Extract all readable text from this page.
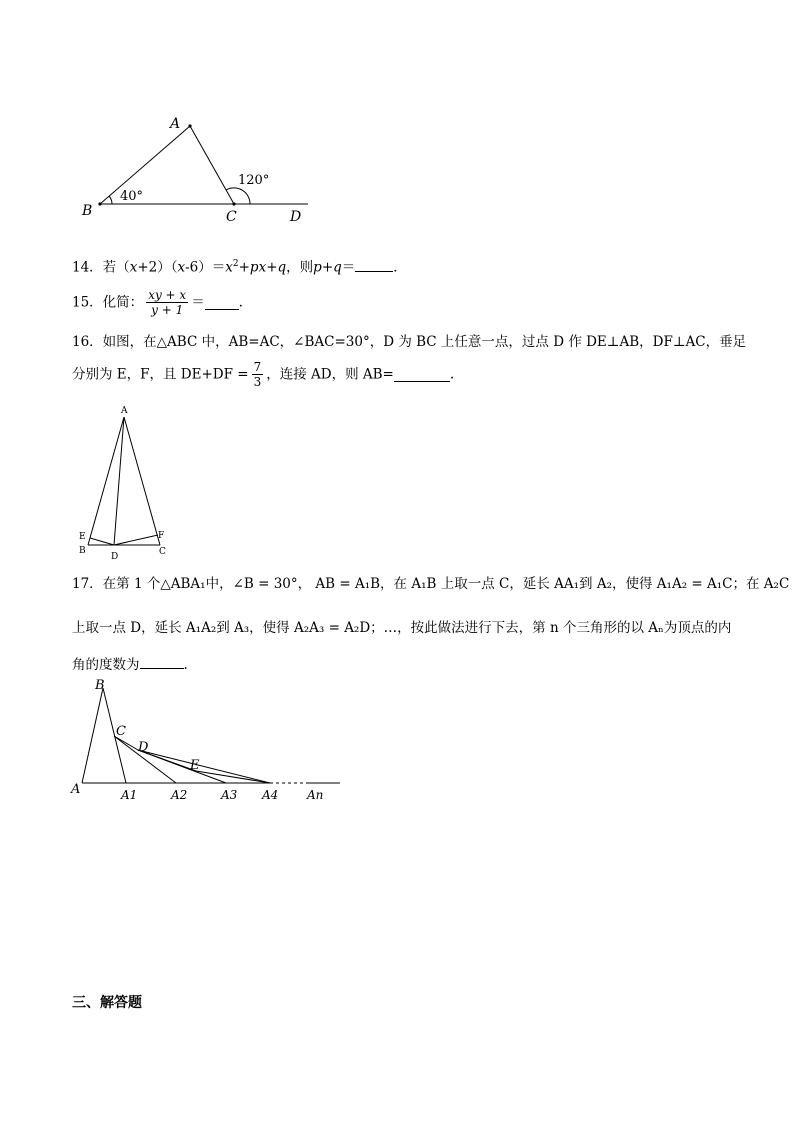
A
B	C	D
40°
120°
14．若$(x+2)(x-6)=x^2+px+q$，则p+q＝	．
15．化简： $\frac{xy + x}{y + 1}$ ＝	．
16．如图，在△ABC 中，AB=AC，∠BAC=30°，D 为 BC 上任意一点，过点 D 作 DE⊥AB，DF⊥AC，垂足
分别为 E，F，且 $DE+DF = \frac{7}{3}$ ，连接 AD，则 AB=	.
A
E
B
D
F
C
17．在第 1 个△ABA₁中，∠B = 30°， AB = A₁B，在 A₁B 上取一点 C，延长 AA₁到 A₂，使得 A₁A₂ = A₁C；在 A₂C
上取一点 D，延长 A₁A₂到 A₃，使得 A₂A₃ = A₂D；…，按此做法进行下去，第 n 个三角形的以 Aₙ为顶点的内
角的度数为	.
B
C
D
E
A	A1	A2	A3 A4 An
三、解答题
